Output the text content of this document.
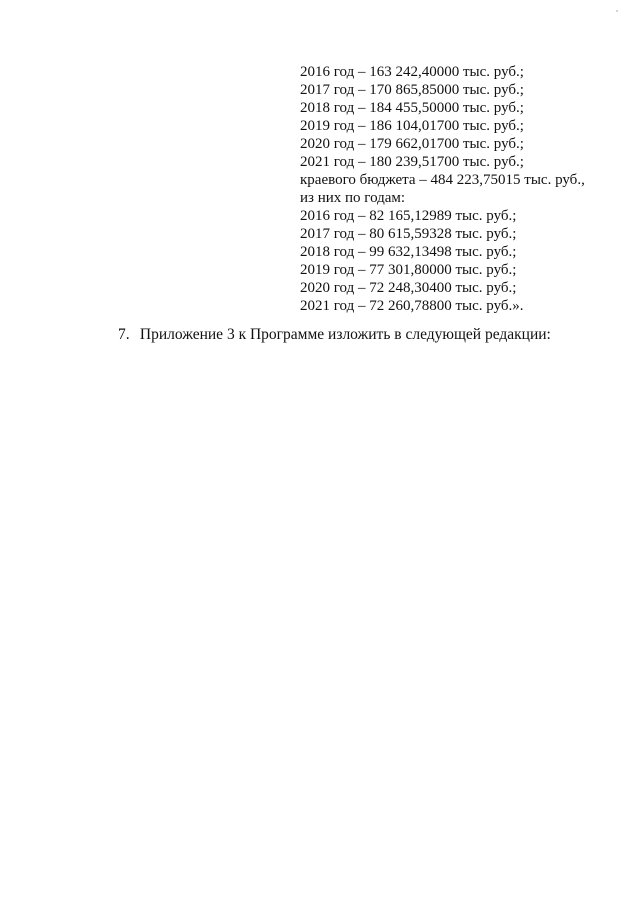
2016 год – 163 242,40000 тыс. руб.;
2017 год – 170 865,85000 тыс. руб.;
2018 год – 184 455,50000 тыс. руб.;
2019 год – 186 104,01700 тыс. руб.;
2020 год – 179 662,01700 тыс. руб.;
2021 год – 180 239,51700 тыс. руб.;
краевого бюджета – 484 223,75015 тыс. руб.,
из них по годам:
2016 год – 82 165,12989 тыс. руб.;
2017 год – 80 615,59328 тыс. руб.;
2018 год – 99 632,13498 тыс. руб.;
2019 год – 77 301,80000 тыс. руб.;
2020 год – 72 248,30400 тыс. руб.;
2021 год – 72 260,78800 тыс. руб.».
7. Приложение 3 к Программе изложить в следующей редакции:
